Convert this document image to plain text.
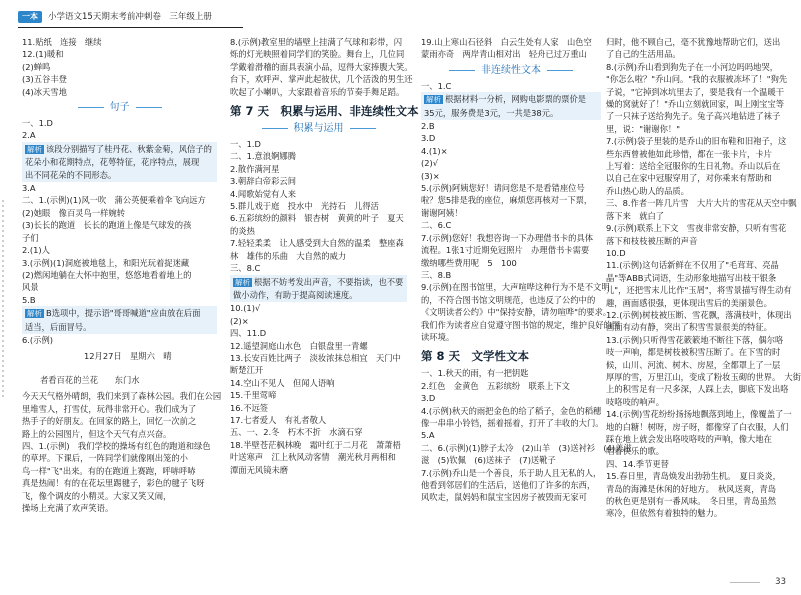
一本	小学语文15天期末考前冲刺卷　三年级上册
11.贴纸　连接　继续
12.(1)暖和
(2)蝉鸣
(3)五谷丰登
(4)冰天雪地
句子
一、1.D
2.A
解析 该段分别描写了桂丹花、秋紫金菊，风信子的
花朵小和花期特点，花萼特征，花序特点，展现
出不同花朵的不同形态。
3.A
二、1.(示例)(1)风一吹　蒲公英便乘着伞飞向远方
(2)她眼　像百灵鸟一样婉转
(3)长长的跑道　长长的跑道上像是气球发的孩
子们
2.(1)人
3.(示例)(1)洞庭被地毯上，和阳光玩着捉迷藏
(2)燃闲地躺在大怀中抱里，悠悠地看着地上的
风景
5.B
解析 B选项中，提示语"哥哥喊道"应由放在后面
适当，后面冒号。
6.(示例)
12月27日　星期六　晴
者看百花的兰花　　东门水　
今天天气格外晴朗，我们来到了森林公园。我们在公园
里堆雪人，打雪仗，玩得非常开心。我们成为了
热手子的好朋友。在回家的路上，回忆一次前之
路上的公园图片，但这个天气有点兴奋。
四、1.(示例)　我们学校的操场有红色的跑道和绿色
的草坪。下课后，一阵同学们就像刚出笼的小
鸟一样"飞"出来。有的在跑道上赛跑，呼哧呼哧
真是热闹！有的在花坛里踢毽子，彩色的毽子飞呀
飞，像个调皮的小精灵。大家又笑又闹，
操场上充满了欢声笑语。
8.(示例)教室里的墙壁上挂满了气球和彩带，闪
烁的灯光映照着同学们的笑脸。舞台上，几位同
学戴着滑稽的面具表演小品，逗得大家捧腹大笑。
台下，欢呼声、掌声此起彼伏，几个活泼的男生还
吹起了小喇叭，大家跟着音乐的节奏手舞足蹈。
第 7 天　积累与运用、非连续性文本
积累与运用
一、1.D
二、1.意浪婀娜腾
2.散作满河星
3.朝辞白帝彩云间
4.闻歌始觉有人来
5.群儿戏于庭　投水中　光持石　儿得活
6.五彩缤纷的颜料　银杏树　黄黄的叶子　夏天
的炎热
7.轻轻柔柔　让人感受到大自然的温柔　整座森
林　雄伟的乐曲　大自然的威力
三、8.C
解析 根据不妨考发出声音，不要指读，也不要
做小动作，有助于提高阅读速度。
10.(1)√
(2)×
四、11.D
12.遥望洞庭山水色　白银盘里一青螺
13.长安百姓比两子　淡妆浓抹总相宜　天门中
断楚江开
14.空山不见人　但闻人语响
15.千里莺啼
16.不远签
17.七者爱人　有礼者敬人
五、一、2.冬　朽木不折　水滴石穿
18.半壁苍茫枫林晚　霜叶红于二月花　萧萧梧
叶送寒声　江上秋风动客情　潮光秋月两相和
潭面无风镜未磨
19.山上寒山石径斜　白云生处有人家　山色空
蒙雨亦奇　两岸青山相对出　轻舟已过万重山
非连续性文本
一、1.C
解析 根据材料一分析，网购电影票的票价是
35元，服务费是3元，一共是38元。
2.B
3.D
4.(1)×
(2)√
(3)×
5.(示例)阿姨您好！请问您是不是看错座位号
啦？您5排是我的座位，麻烦您再核对一下票，
谢谢阿姨！
二、6.C
7.(示例)您好！我想咨询一下办理借书卡的具体
流程。1张1寸近期免冠照片　办理借书卡需要
缴纳哪些费用呢　5　100
三、8.B
9.(示例)在图书馆里，大声喧哗这种行为不是不文明
的，不符合图书馆文明规范，也违反了公约中的
《文明读者公约》中"保持安静，请勿喧哗"的要求。
我们作为读者应自觉遵守图书馆的规定，维护良好的图
读环境。
第 8 天　文学性文本
一、1.秋天的雨，有一把钥匙
2.红色　金黄色　五彩缤纷　联系上下文
3.D
4.(示例)秋天的雨把金色的给了稻子，金色的稻穗
像一串串小铃铛，摇着摇着，打开了丰收的大门。
5.A
二、6.(示例)(1)脖子太冷　(2)山羊　(3)送衬衫　(4)美滋
滋　(5)钦佩　(6)送袜子　(7)送靴子
7.(示例)乔山是一个善良，乐于助人且无私的人，
他看到邻居们的生活后，送他们了许多的东西，
风吹走，鼠妈妈和鼠宝宝因房子被毁而无家可
归时，他不顾自己，毫不犹豫地帮助它们，送出
了自己的生活用品。
8.(示例)乔山看到狗先子在一小河边吗吗地哭，
"你怎么啦？"乔山问。"我的衣服被冻坏了！"狗先
子说，"它掉到冰坑里去了，要是我有一个温暖干
燥的窝就好了！"乔山立刻就回家，叫上刚宝宝等
了一只袜子送给狗先子。兔子高兴地钻进了袜子
里，说："谢谢你！"
7.(示例)袋子里装的是乔山的旧布鞋和旧袍子，这
些东西曾被他如此珍惜，都在一张卡片，卡片
上写着：送给全冠服你的生日礼物。乔山以后在
以自己在家中冠服穿用了，对你乘来有帮助和
乔山热心助人的品质。
三、8.作者一阵几片雪　大片大片的雪花从天空中飘
落下来　就白了
9.(示例)联系上下文　雪夜非常安静，只听有雪花
落下和枝枝被压断的声音
10.D
11.(示例)这句话新鲜在不仅用了"毛茸茸、亮晶
晶"等ABB式词语，生动形象地描写出枝干银条
儿"，还把雪末儿比作"玉屑"，将雪景描写得生动有
趣，画面感很强，更体现出雪后的美丽景色。
12.(示例)树枝被压断、雪花飘，落满枝叶，体现出
画面有动有静，突出了积雪雪景很美的特征。
13.(示例)只听得雪花簌簌地不断往下落，偶尔咯
吱一声响，都是树枝被积雪压断了。在下雪的时
候，山川、河流、树木、房屋，全都罩上了一层
厚厚的雪，万里江山，变成了粉妆玉砌的世界。　大街
上的积雪足有一尺多深，人踩上去，脚底下发出咯
吱咯吱的响声。
14.(示例)雪花纷纷扬扬地飘落到地上，像覆盖了一
地的白糖！树呀，房子呀，都像穿了白衣服，人们
踩在地上就会发出咯吱咯吱的声响，像大地在
唱着快乐的歌。
四、14.季节更替
15.春日里，青岛焕发出勃勃生机。　夏日炎炎，
青岛的海滩是休闲的好地方。　秋风送爽，青岛
的秋色更是别有一番风味。　冬日里，青岛虽然
寒冷，但依然有着独特的魅力。
33
